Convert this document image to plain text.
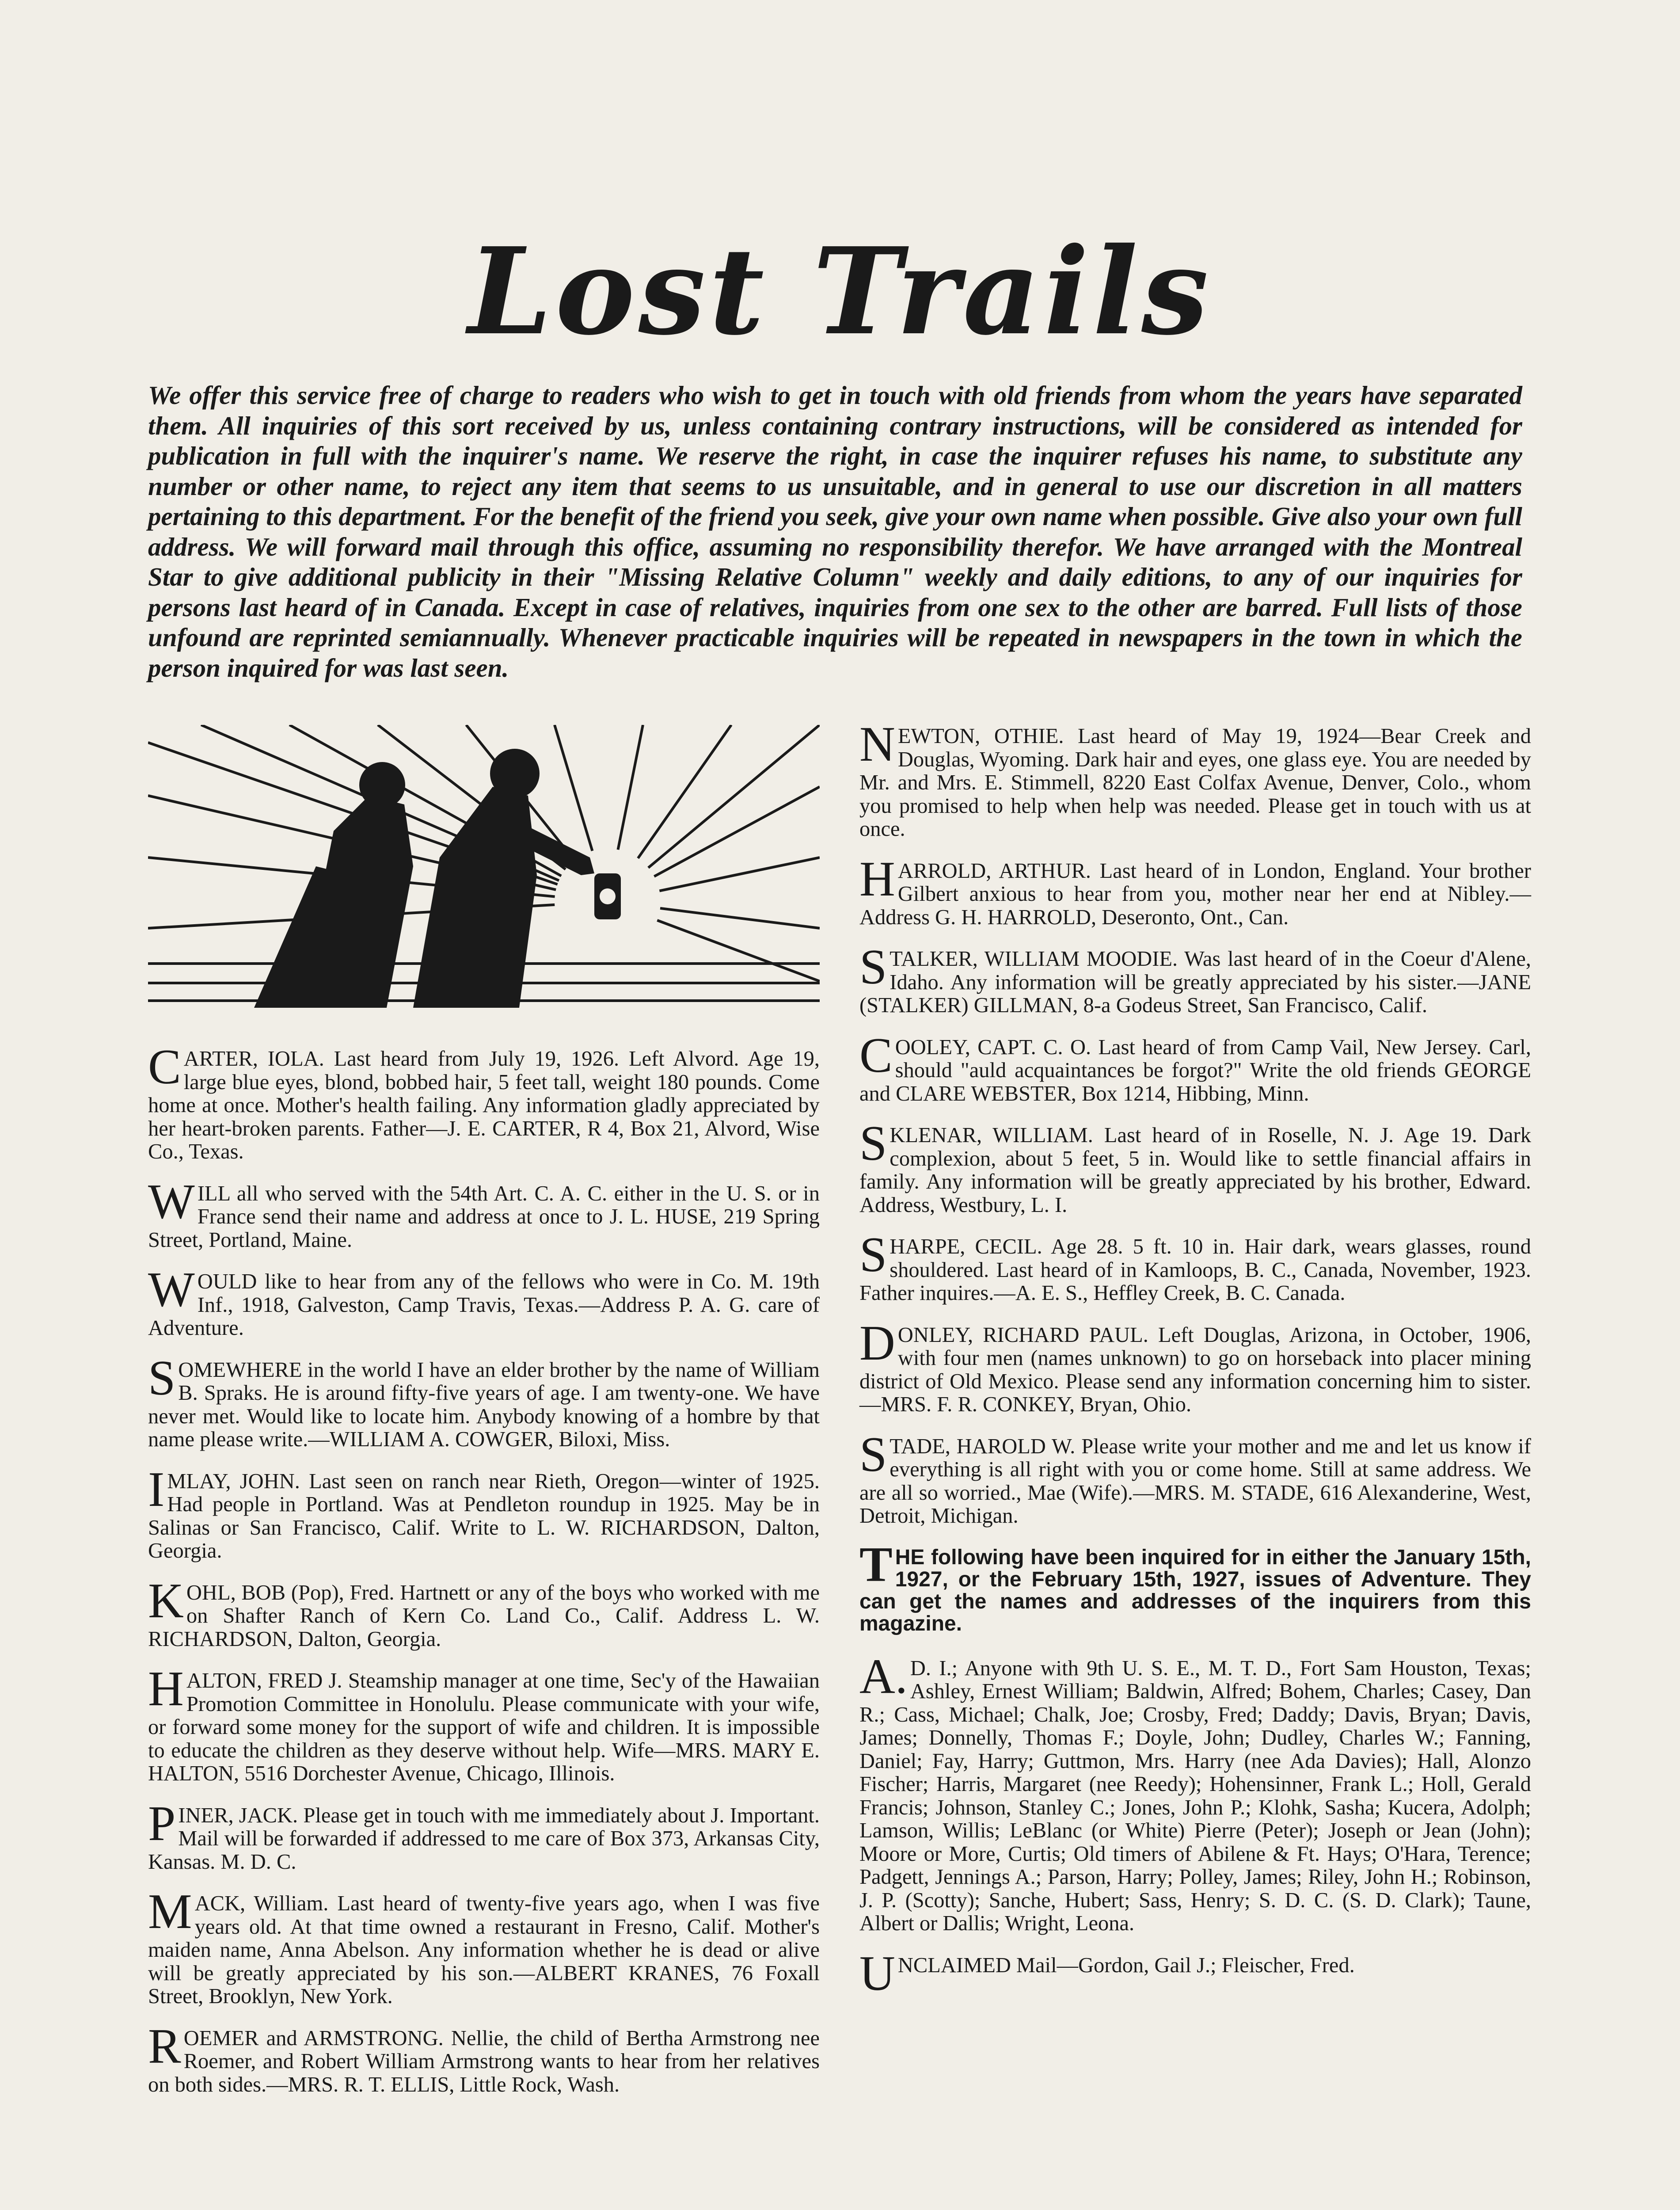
Lost Trails

We offer this service free of charge to readers who wish to get in touch with old friends from whom the years have separated them. All inquiries of this sort received by us, unless containing contrary instructions, will be considered as intended for publication in full with the inquirer's name. We reserve the right, in case the inquirer refuses his name, to substitute any number or other name, to reject any item that seems to us unsuitable, and in general to use our discretion in all matters pertaining to this department. For the benefit of the friend you seek, give your own name when possible. Give also your own full address. We will forward mail through this office, assuming no responsibility therefor. We have arranged with the Montreal Star to give additional publicity in their "Missing Relative Column" weekly and daily editions, to any of our inquiries for persons last heard of in Canada. Except in case of relatives, inquiries from one sex to the other are barred. Full lists of those unfound are reprinted semiannually. Whenever practicable inquiries will be repeated in newspapers in the town in which the person inquired for was last seen.

CARTER, IOLA. Last heard from July 19, 1926. Left Alvord. Age 19, large blue eyes, blond, bobbed hair, 5 feet tall, weight 180 pounds. Come home at once. Mother's health failing. Any information gladly appreciated by her heart-broken parents. Father—J. E. CARTER, R 4, Box 21, Alvord, Wise Co., Texas.

WILL all who served with the 54th Art. C. A. C. either in the U. S. or in France send their name and address at once to J. L. HUSE, 219 Spring Street, Portland, Maine.

WOULD like to hear from any of the fellows who were in Co. M. 19th Inf., 1918, Galveston, Camp Travis, Texas.—Address P. A. G. care of Adventure.

SOMEWHERE in the world I have an elder brother by the name of William B. Spraks. He is around fifty-five years of age. I am twenty-one. We have never met. Would like to locate him. Anybody knowing of a hombre by that name please write.—WILLIAM A. COWGER, Biloxi, Miss.

IMLAY, JOHN. Last seen on ranch near Rieth, Oregon—winter of 1925. Had people in Portland. Was at Pendleton roundup in 1925. May be in Salinas or San Francisco, Calif. Write to L. W. RICHARDSON, Dalton, Georgia.

KOHL, BOB (Pop), Fred. Hartnett or any of the boys who worked with me on Shafter Ranch of Kern Co. Land Co., Calif. Address L. W. RICHARDSON, Dalton, Georgia.

HALTON, FRED J. Steamship manager at one time, Sec'y of the Hawaiian Promotion Committee in Honolulu. Please communicate with your wife, or forward some money for the support of wife and children. It is impossible to educate the children as they deserve without help. Wife—MRS. MARY E. HALTON, 5516 Dorchester Avenue, Chicago, Illinois.

PINER, JACK. Please get in touch with me immediately about J. Important. Mail will be forwarded if addressed to me care of Box 373, Arkansas City, Kansas. M. D. C.

MACK, William. Last heard of twenty-five years ago, when I was five years old. At that time owned a restaurant in Fresno, Calif. Mother's maiden name, Anna Abelson. Any information whether he is dead or alive will be greatly appreciated by his son.—ALBERT KRANES, 76 Foxall Street, Brooklyn, New York.

ROEMER and ARMSTRONG. Nellie, the child of Bertha Armstrong nee Roemer, and Robert William Armstrong wants to hear from her relatives on both sides.—MRS. R. T. ELLIS, Little Rock, Wash.

NEWTON, OTHIE. Last heard of May 19, 1924—Bear Creek and Douglas, Wyoming. Dark hair and eyes, one glass eye. You are needed by Mr. and Mrs. E. Stimmell, 8220 East Colfax Avenue, Denver, Colo., whom you promised to help when help was needed. Please get in touch with us at once.

HARROLD, ARTHUR. Last heard of in London, England. Your brother Gilbert anxious to hear from you, mother near her end at Nibley.—Address G. H. HARROLD, Deseronto, Ont., Can.

STALKER, WILLIAM MOODIE. Was last heard of in the Coeur d'Alene, Idaho. Any information will be greatly appreciated by his sister.—JANE (STALKER) GILLMAN, 8-a Godeus Street, San Francisco, Calif.

COOLEY, CAPT. C. O. Last heard of from Camp Vail, New Jersey. Carl, should "auld acquaintances be forgot?" Write the old friends GEORGE and CLARE WEBSTER, Box 1214, Hibbing, Minn.

SKLENAR, WILLIAM. Last heard of in Roselle, N. J. Age 19. Dark complexion, about 5 feet, 5 in. Would like to settle financial affairs in family. Any information will be greatly appreciated by his brother, Edward. Address, Westbury, L. I.

SHARPE, CECIL. Age 28. 5 ft. 10 in. Hair dark, wears glasses, round shouldered. Last heard of in Kamloops, B. C., Canada, November, 1923. Father inquires.—A. E. S., Heffley Creek, B. C. Canada.

DONLEY, RICHARD PAUL. Left Douglas, Arizona, in October, 1906, with four men (names unknown) to go on horseback into placer mining district of Old Mexico. Please send any information concerning him to sister.—MRS. F. R. CONKEY, Bryan, Ohio.

STADE, HAROLD W. Please write your mother and me and let us know if everything is all right with you or come home. Still at same address. We are all so worried., Mae (Wife).—MRS. M. STADE, 616 Alexanderine, West, Detroit, Michigan.

THE following have been inquired for in either the January 15th, 1927, or the February 15th, 1927, issues of Adventure. They can get the names and addresses of the inquirers from this magazine.

A.D. I.; Anyone with 9th U. S. E., M. T. D., Fort Sam Houston, Texas; Ashley, Ernest William; Baldwin, Alfred; Bohem, Charles; Casey, Dan R.; Cass, Michael; Chalk, Joe; Crosby, Fred; Daddy; Davis, Bryan; Davis, James; Donnelly, Thomas F.; Doyle, John; Dudley, Charles W.; Fanning, Daniel; Fay, Harry; Guttmon, Mrs. Harry (nee Ada Davies); Hall, Alonzo Fischer; Harris, Margaret (nee Reedy); Hohensinner, Frank L.; Holl, Gerald Francis; Johnson, Stanley C.; Jones, John P.; Klohk, Sasha; Kucera, Adolph; Lamson, Willis; LeBlanc (or White) Pierre (Peter); Joseph or Jean (John); Moore or More, Curtis; Old timers of Abilene & Ft. Hays; O'Hara, Terence; Padgett, Jennings A.; Parson, Harry; Polley, James; Riley, John H.; Robinson, J. P. (Scotty); Sanche, Hubert; Sass, Henry; S. D. C. (S. D. Clark); Taune, Albert or Dallis; Wright, Leona.

UNCLAIMED Mail—Gordon, Gail J.; Fleischer, Fred.
